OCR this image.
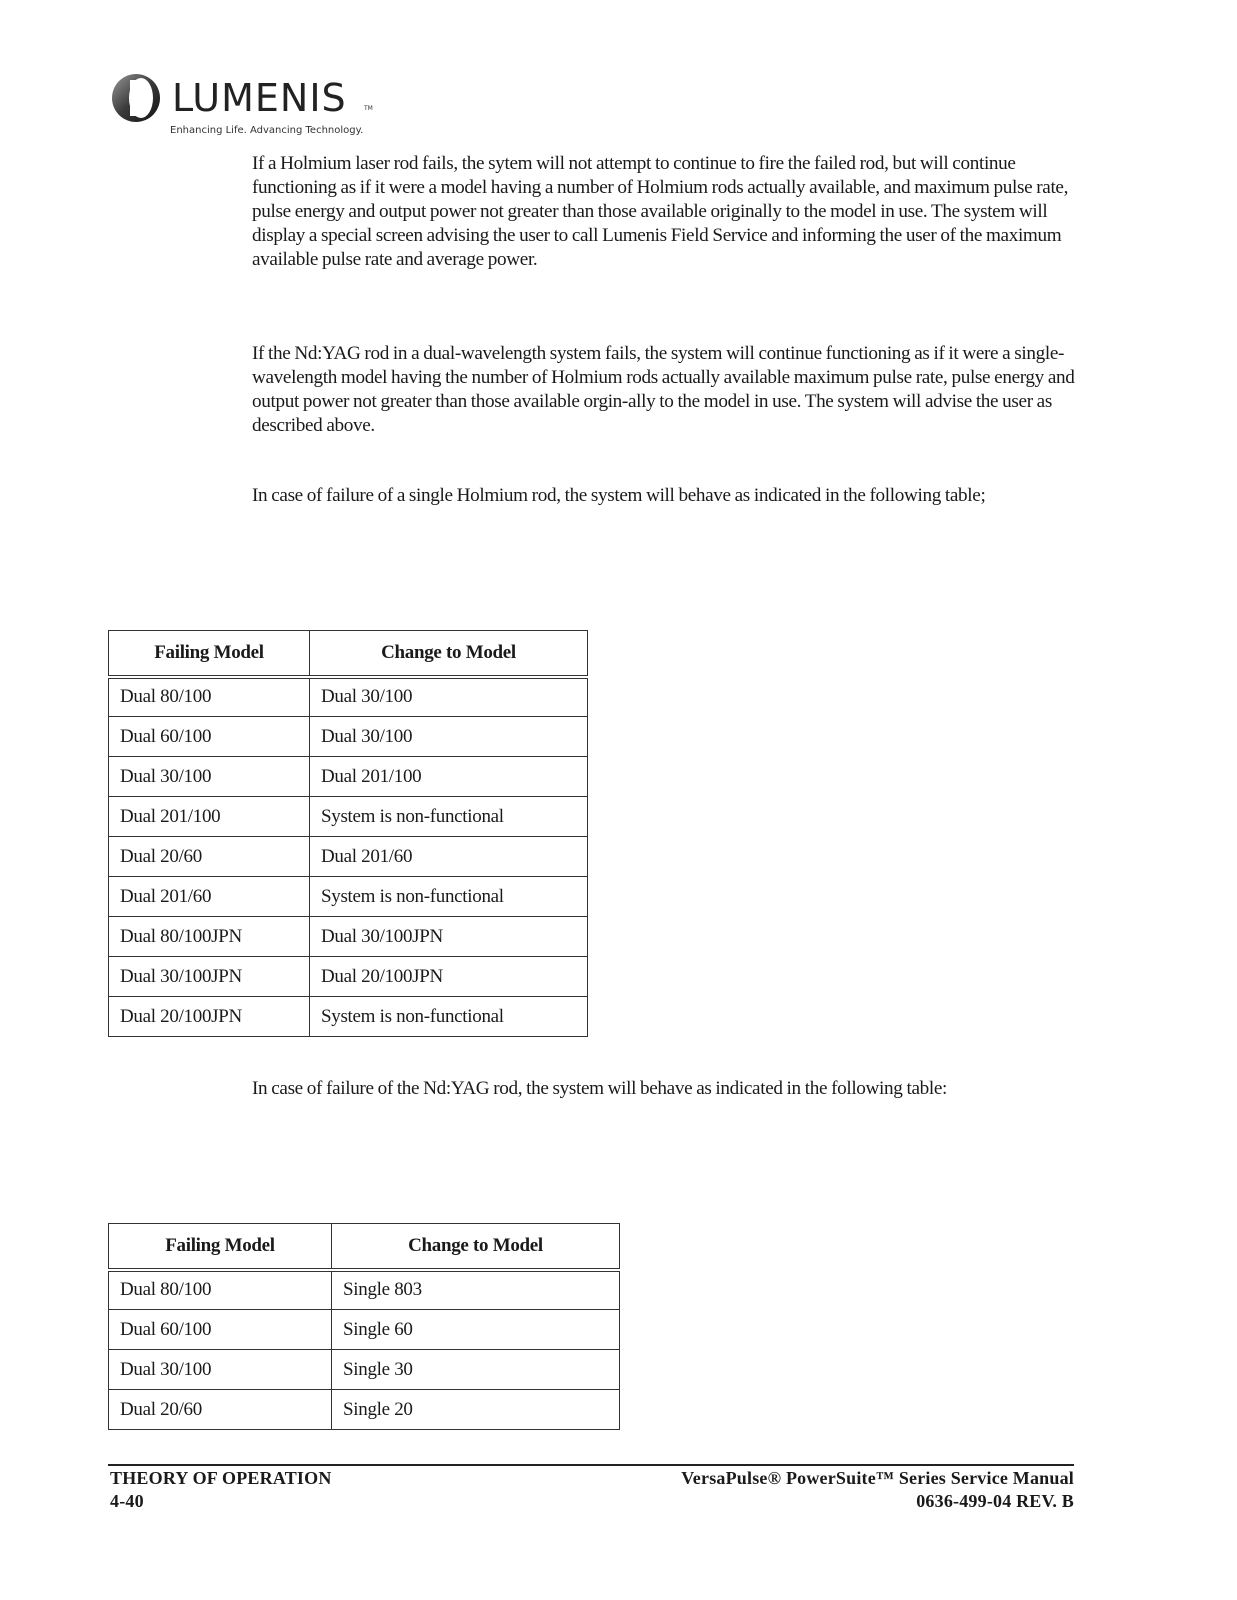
LUMENIS	TM
Enhancing Life. Advancing Technology.

If a Holmium laser rod fails, the sytem will not attempt to continue to fire the failed rod, but will continue functioning as if it were a model having a number of Holmium rods actually available, and maximum pulse rate, pulse energy and output power not greater than those available originally to the model in use. The system will display a special screen advising the user to call Lumenis Field Service and informing the user of the maximum available pulse rate and average power.

If the Nd:YAG rod in a dual-wavelength system fails, the system will continue functioning as if it were a single-wavelength model having the number of Holmium rods actually available maximum pulse rate, pulse energy and output power not greater than those available orgin-ally to the model in use. The system will advise the user as described above.

In case of failure of a single Holmium rod, the system will behave as indicated in the following table;

Failing Model	Change to Model
Dual 80/100	Dual 30/100
Dual 60/100	Dual 30/100
Dual 30/100	Dual 201/100
Dual 201/100	System is non-functional
Dual 20/60	Dual 201/60
Dual 201/60	System is non-functional
Dual 80/100JPN	Dual 30/100JPN
Dual 30/100JPN	Dual 20/100JPN
Dual 20/100JPN	System is non-functional

In case of failure of the Nd:YAG rod, the system will behave as indicated in the following table:

Failing Model	Change to Model
Dual 80/100	Single 803
Dual 60/100	Single 60
Dual 30/100	Single 30
Dual 20/60	Single 20
THEORY OF OPERATION
4-40
VersaPulse® PowerSuite™ Series Service Manual
0636-499-04 REV. B
